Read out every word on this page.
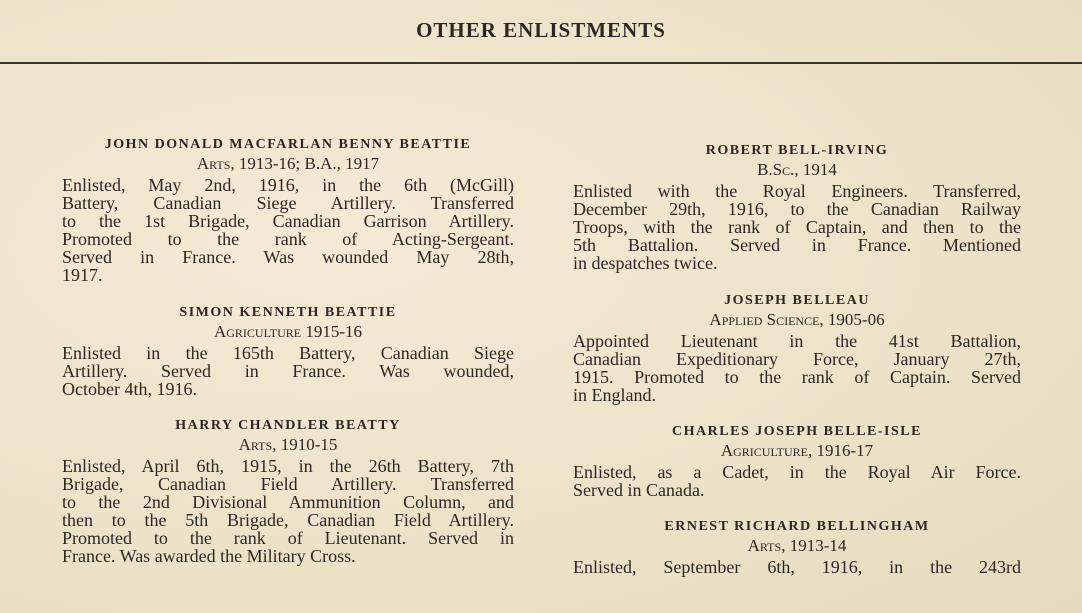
OTHER ENLISTMENTS
JOHN DONALD MACFARLAN BENNY BEATTIE
Arts, 1913-16; B.A., 1917
Enlisted, May 2nd, 1916, in the 6th (McGill)
Battery, Canadian Siege Artillery. Transferred
to the 1st Brigade, Canadian Garrison Artillery.
Promoted to the rank of Acting-Sergeant.
Served in France. Was wounded May 28th,
1917.
SIMON KENNETH BEATTIE
Agriculture 1915-16
Enlisted in the 165th Battery, Canadian Siege
Artillery. Served in France. Was wounded,
October 4th, 1916.
HARRY CHANDLER BEATTY
Arts, 1910-15
Enlisted, April 6th, 1915, in the 26th Battery, 7th
Brigade, Canadian Field Artillery. Transferred
to the 2nd Divisional Ammunition Column, and
then to the 5th Brigade, Canadian Field Artillery.
Promoted to the rank of Lieutenant. Served in
France. Was awarded the Military Cross.
ROBERT BELL-IRVING
B.Sc., 1914
Enlisted with the Royal Engineers. Transferred,
December 29th, 1916, to the Canadian Railway
Troops, with the rank of Captain, and then to the
5th Battalion. Served in France. Mentioned
in despatches twice.
JOSEPH BELLEAU
Applied Science, 1905-06
Appointed Lieutenant in the 41st Battalion,
Canadian Expeditionary Force, January 27th,
1915. Promoted to the rank of Captain. Served
in England.
CHARLES JOSEPH BELLE-ISLE
Agriculture, 1916-17
Enlisted, as a Cadet, in the Royal Air Force.
Served in Canada.
ERNEST RICHARD BELLINGHAM
Arts, 1913-14
Enlisted, September 6th, 1916, in the 243rd
